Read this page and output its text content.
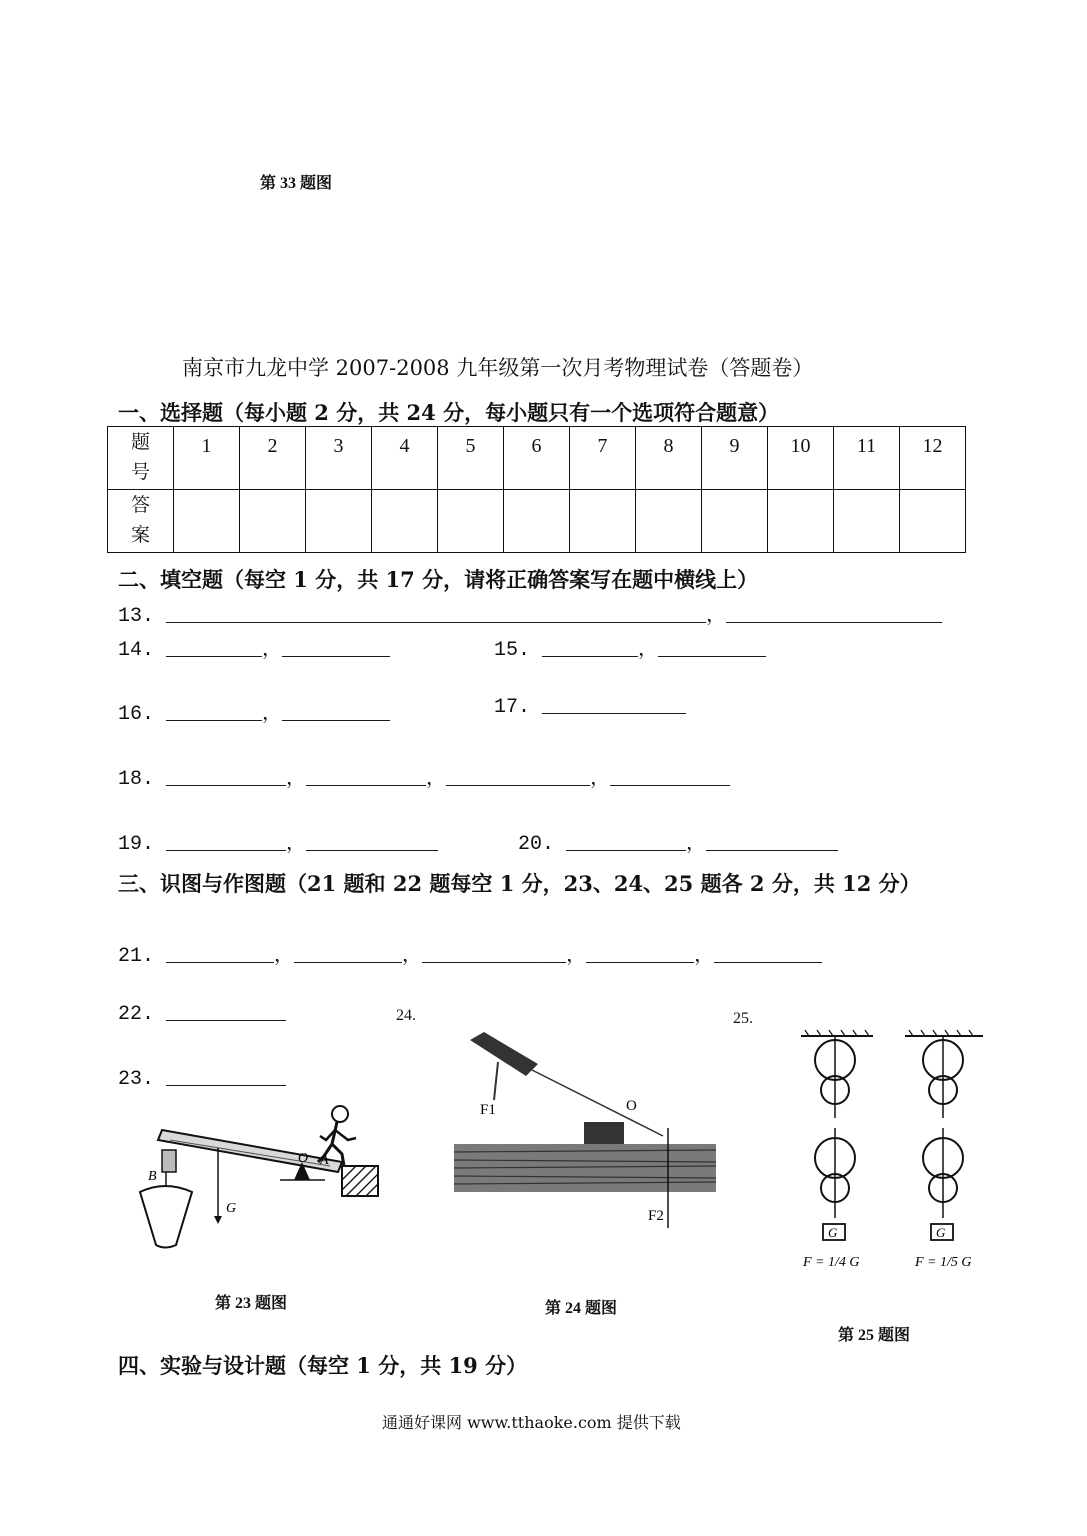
第 33 题图
南京市九龙中学 2007-2008 九年级第一次月考物理试卷（答题卷）
一、选择题（每小题 2 分，共 24 分，每小题只有一个选项符合题意）
题
号	1	2	3	4	5	6	7	8	9	10	11	12
答
案												
二、填空题（每空 1 分，共 17 分，请将正确答案写在题中横线上）
13. _____________________________________________，__________________
14. ________，_________	15. ________，_________
16. ________，_________	17. ____________
18. __________，__________，____________，__________
19. __________，___________	20. __________，___________
三、识图与作图题（21 题和 22 题每空 1 分，23、24、25 题各 2 分，共 12 分）
21. _________，_________，____________，_________，_________
22. __________
23. __________
24.	25.
O A
B
G
第 23 题图
F1	O
F2
第 24 题图
G
F = 1/4 G
G
F = 1/5 G
第 25 题图
四、实验与设计题（每空 1 分，共 19 分）
通通好课网 www.tthaoke.com 提供下载
